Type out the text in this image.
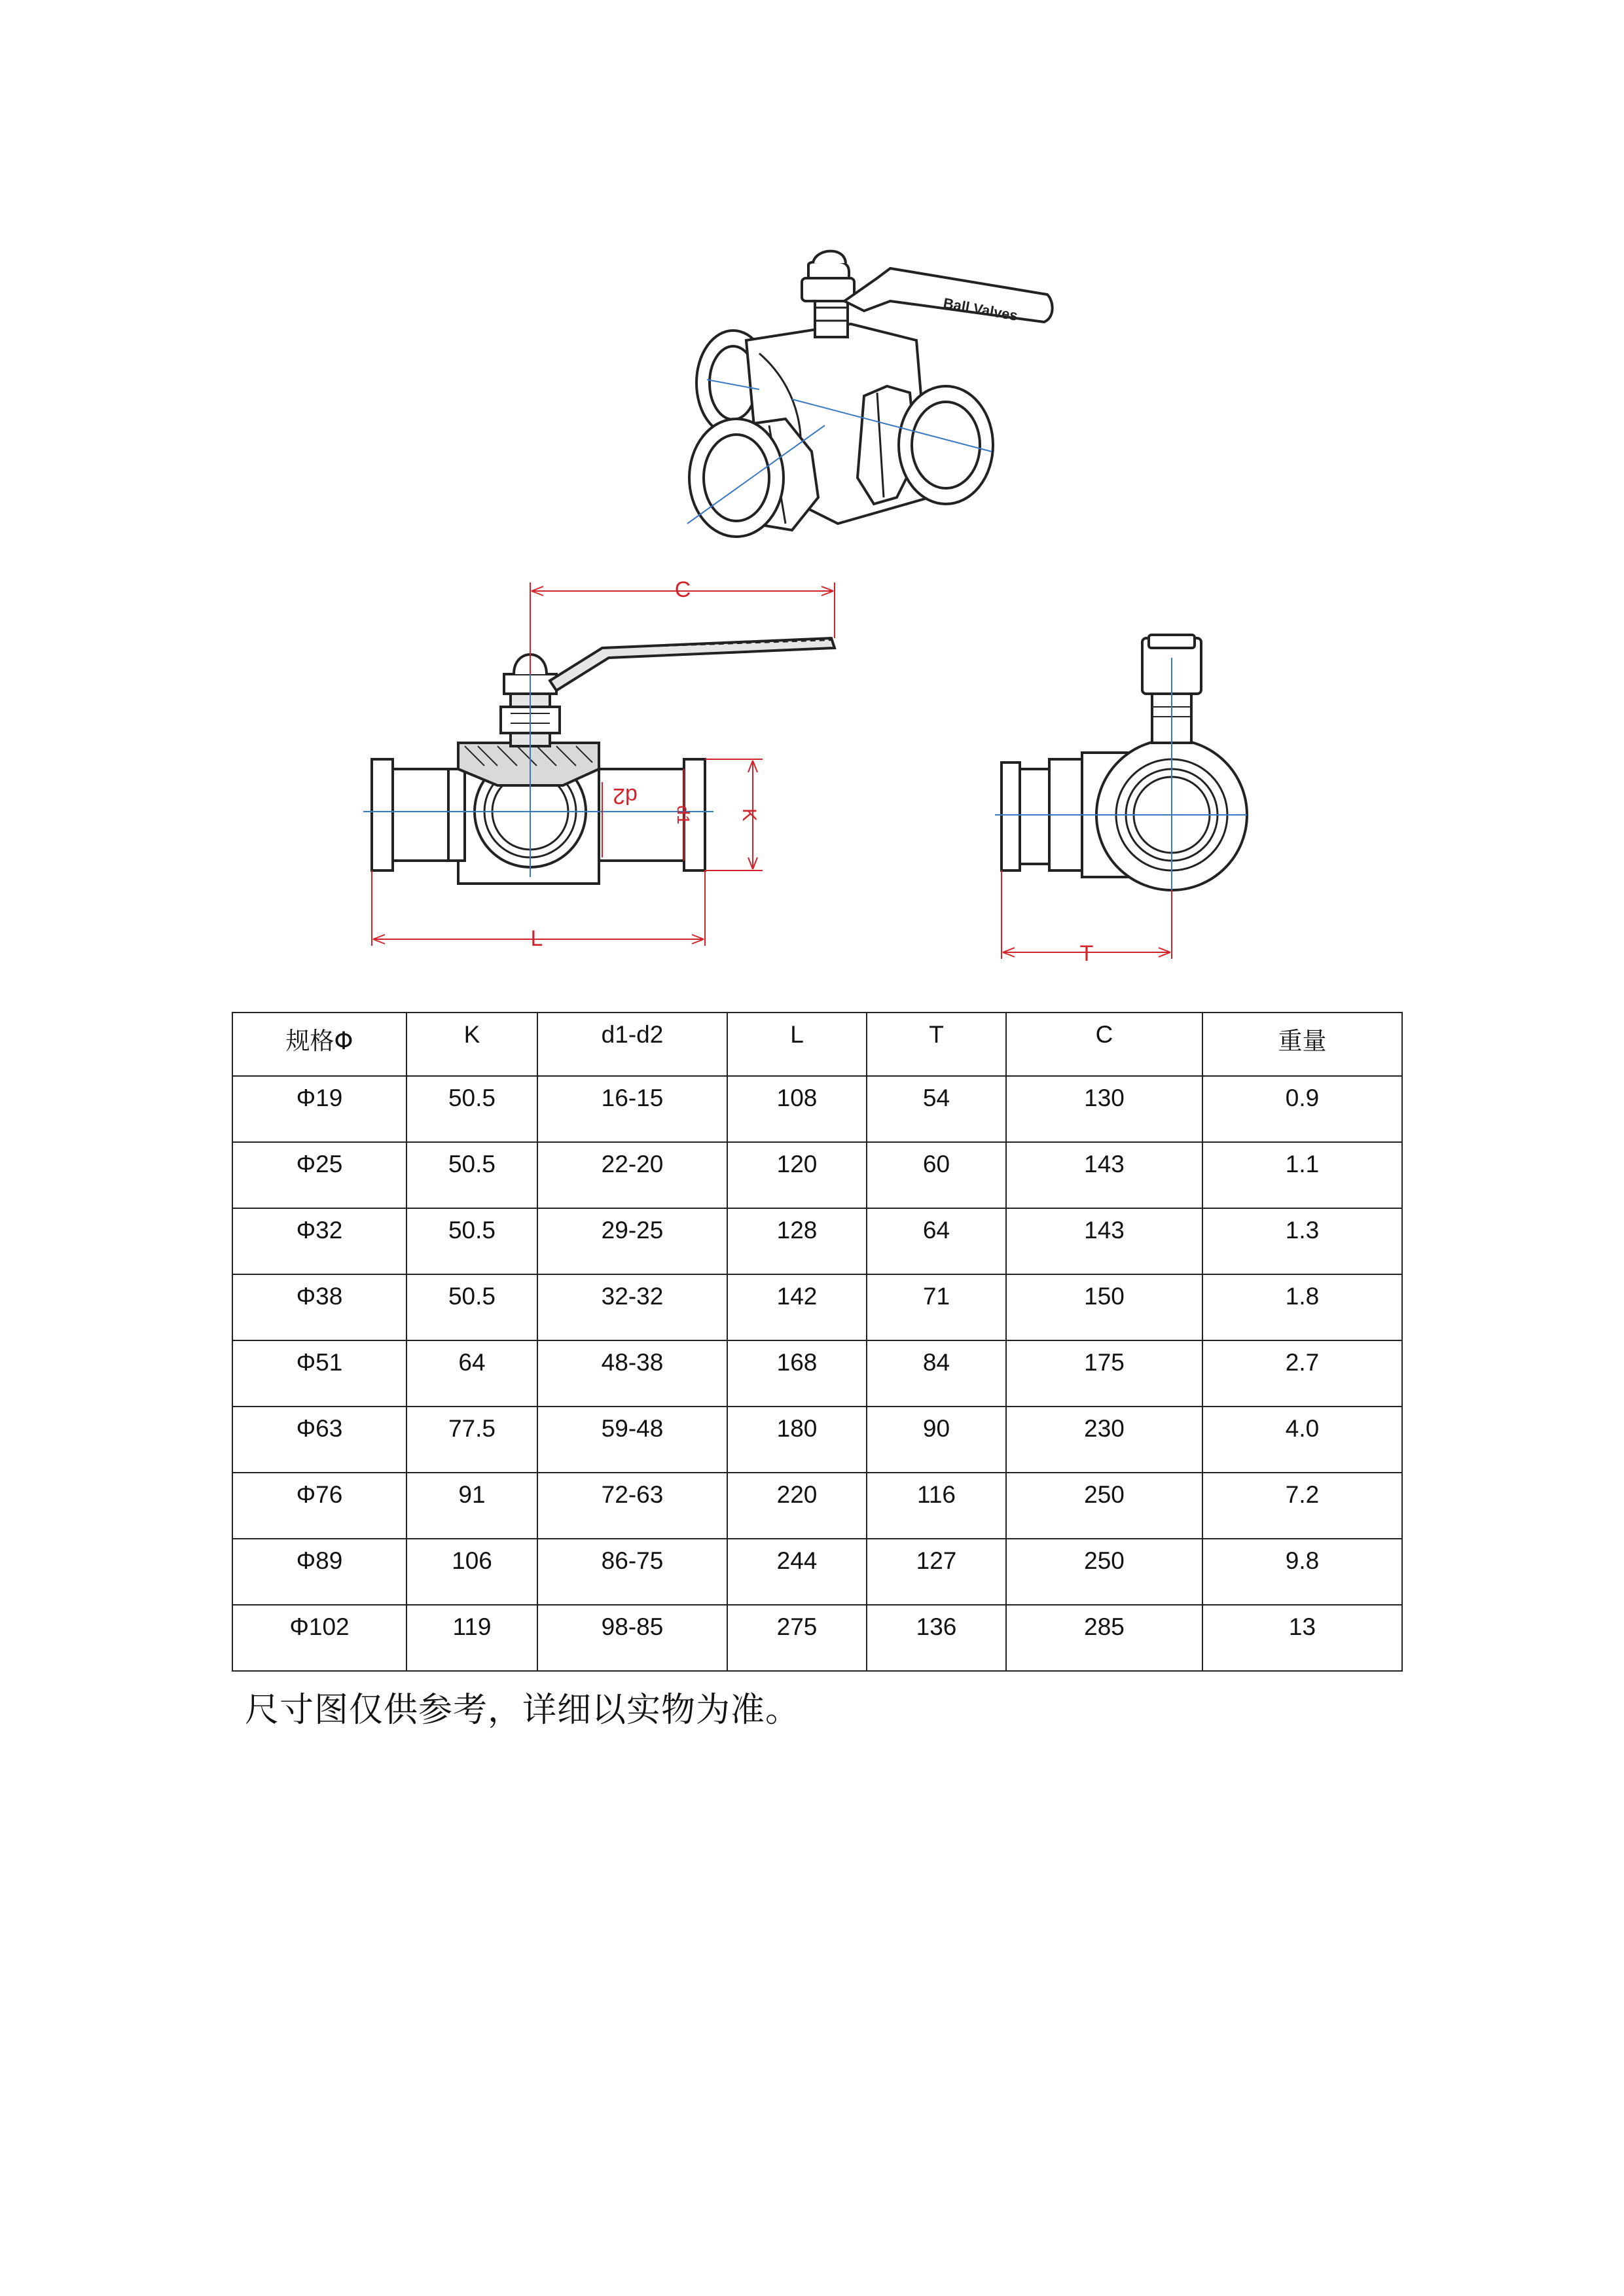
Ball Valves
C
L
K
d1
d2
T
规格Φ	K	d1-d2	L	T	C	重量
Φ19	50.5	16-15	108	54	130	0.9
Φ25	50.5	22-20	120	60	143	1.1
Φ32	50.5	29-25	128	64	143	1.3
Φ38	50.5	32-32	142	71	150	1.8
Φ51	64	48-38	168	84	175	2.7
Φ63	77.5	59-48	180	90	230	4.0
Φ76	91	72-63	220	116	250	7.2
Φ89	106	86-75	244	127	250	9.8
Φ102	119	98-85	275	136	285	13
尺寸图仅供参考，详细以实物为准。
